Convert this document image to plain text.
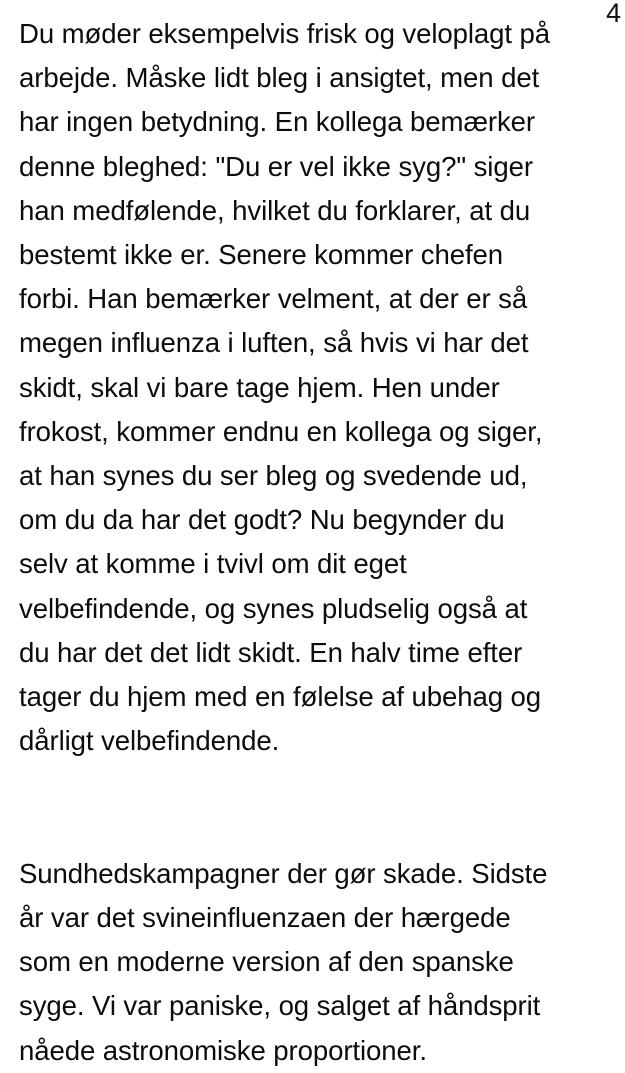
4

Du møder eksempelvis frisk og veloplagt på
arbejde. Måske lidt bleg i ansigtet, men det
har ingen betydning. En kollega bemærker
denne bleghed: "Du er vel ikke syg?" siger
han medfølende, hvilket du forklarer, at du
bestemt ikke er. Senere kommer chefen
forbi. Han bemærker velment, at der er så
megen influenza i luften, så hvis vi har det
skidt, skal vi bare tage hjem. Hen under
frokost, kommer endnu en kollega og siger,
at han synes du ser bleg og svedende ud,
om du da har det godt? Nu begynder du
selv at komme i tvivl om dit eget
velbefindende, og synes pludselig også at
du har det det lidt skidt. En halv time efter
tager du hjem med en følelse af ubehag og
dårligt velbefindende.

Sundhedskampagner der gør skade. Sidste
år var det svineinfluenzaen der hærgede
som en moderne version af den spanske
syge. Vi var paniske, og salget af håndsprit
nåede astronomiske proportioner.
